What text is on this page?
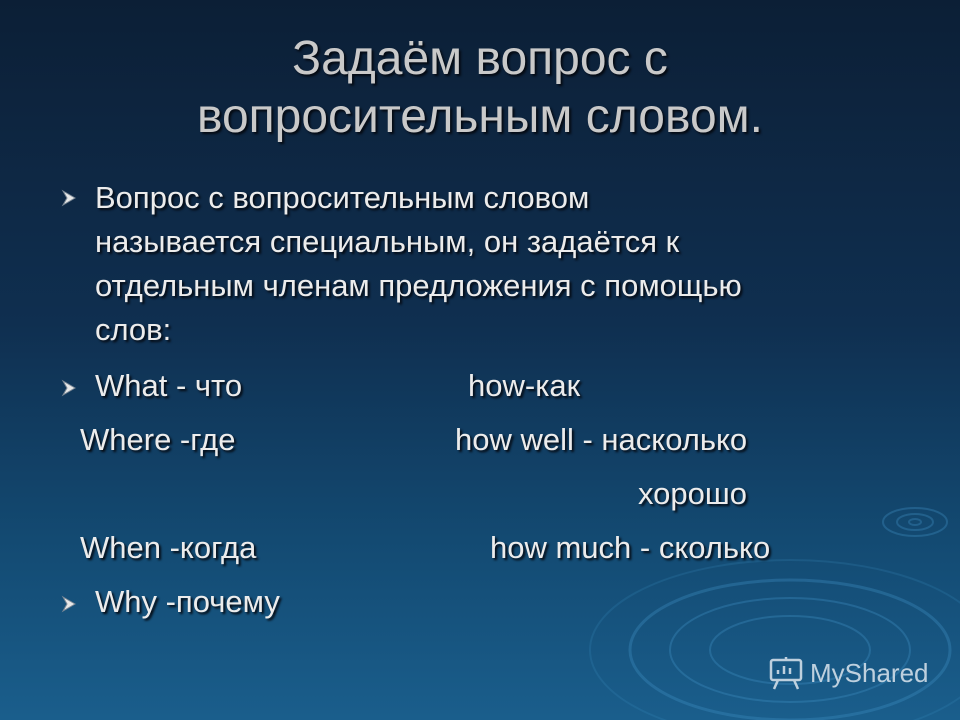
Задаём вопрос с
вопросительным словом.
Вопрос с вопросительным словом
называется специальным, он задаётся к
отдельным членам предложения с помощью
слов:
What - что	how-как
Where -где	how well - насколько
хорошо
When -когда	how much - сколько
Why -почему
MyShared
